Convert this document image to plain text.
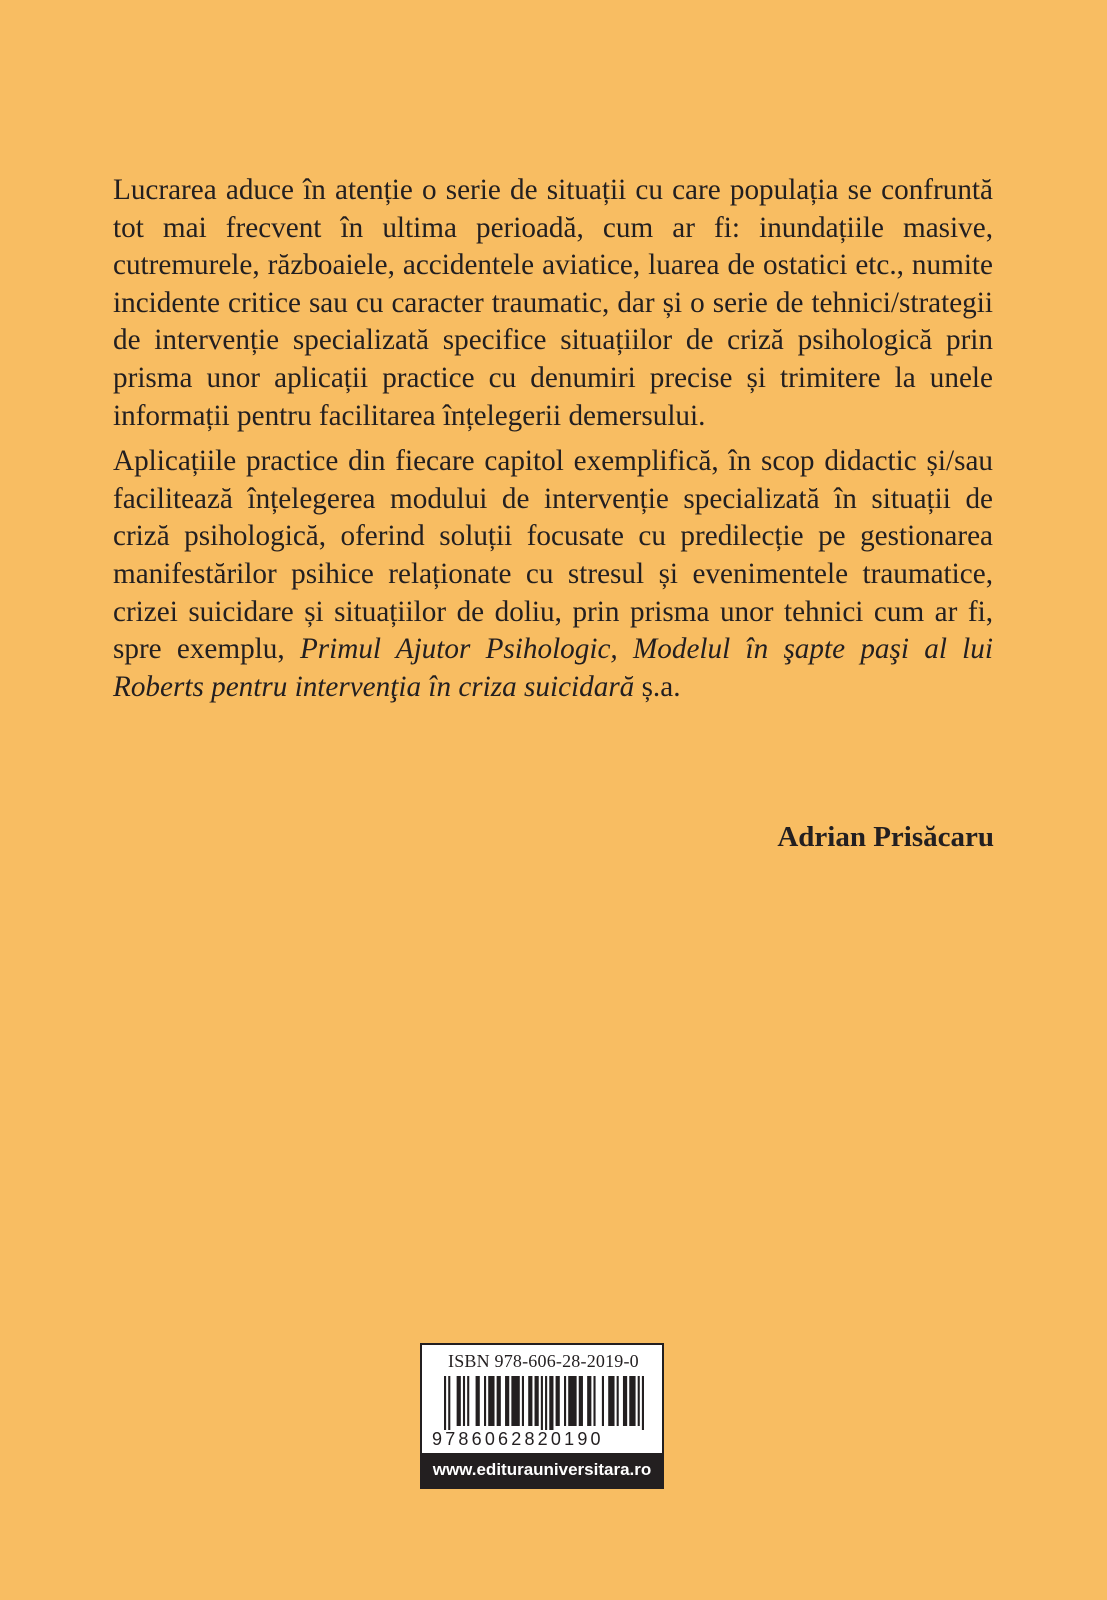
Lucrarea aduce în atenție o serie de situații cu care populația se confruntă tot mai frecvent în ultima perioadă, cum ar fi: inundațiile masive, cutremurele, războaiele, accidentele aviatice, luarea de ostatici etc., numite incidente critice sau cu caracter traumatic, dar și o serie de tehnici/strategii de intervenție specializată specifice situațiilor de criză psihologică prin prisma unor aplicații practice cu denumiri precise și trimitere la unele informații pentru facilitarea înțelegerii demersului.

Aplicațiile practice din fiecare capitol exemplifică, în scop didactic și/sau facilitează înțelegerea modului de intervenție specializată în situații de criză psihologică, oferind soluții focusate cu predilecție pe gestionarea manifestărilor psihice relaționate cu stresul și evenimentele traumatice, crizei suicidare și situațiilor de doliu, prin prisma unor tehnici cum ar fi, spre exemplu, Primul Ajutor Psihologic, Modelul în şapte paşi al lui Roberts pentru intervenţia în criza suicidară ș.a.

Adrian Prisăcaru
ISBN 978-606-28-2019-0
9786062820190
www.editurauniversitara.ro
